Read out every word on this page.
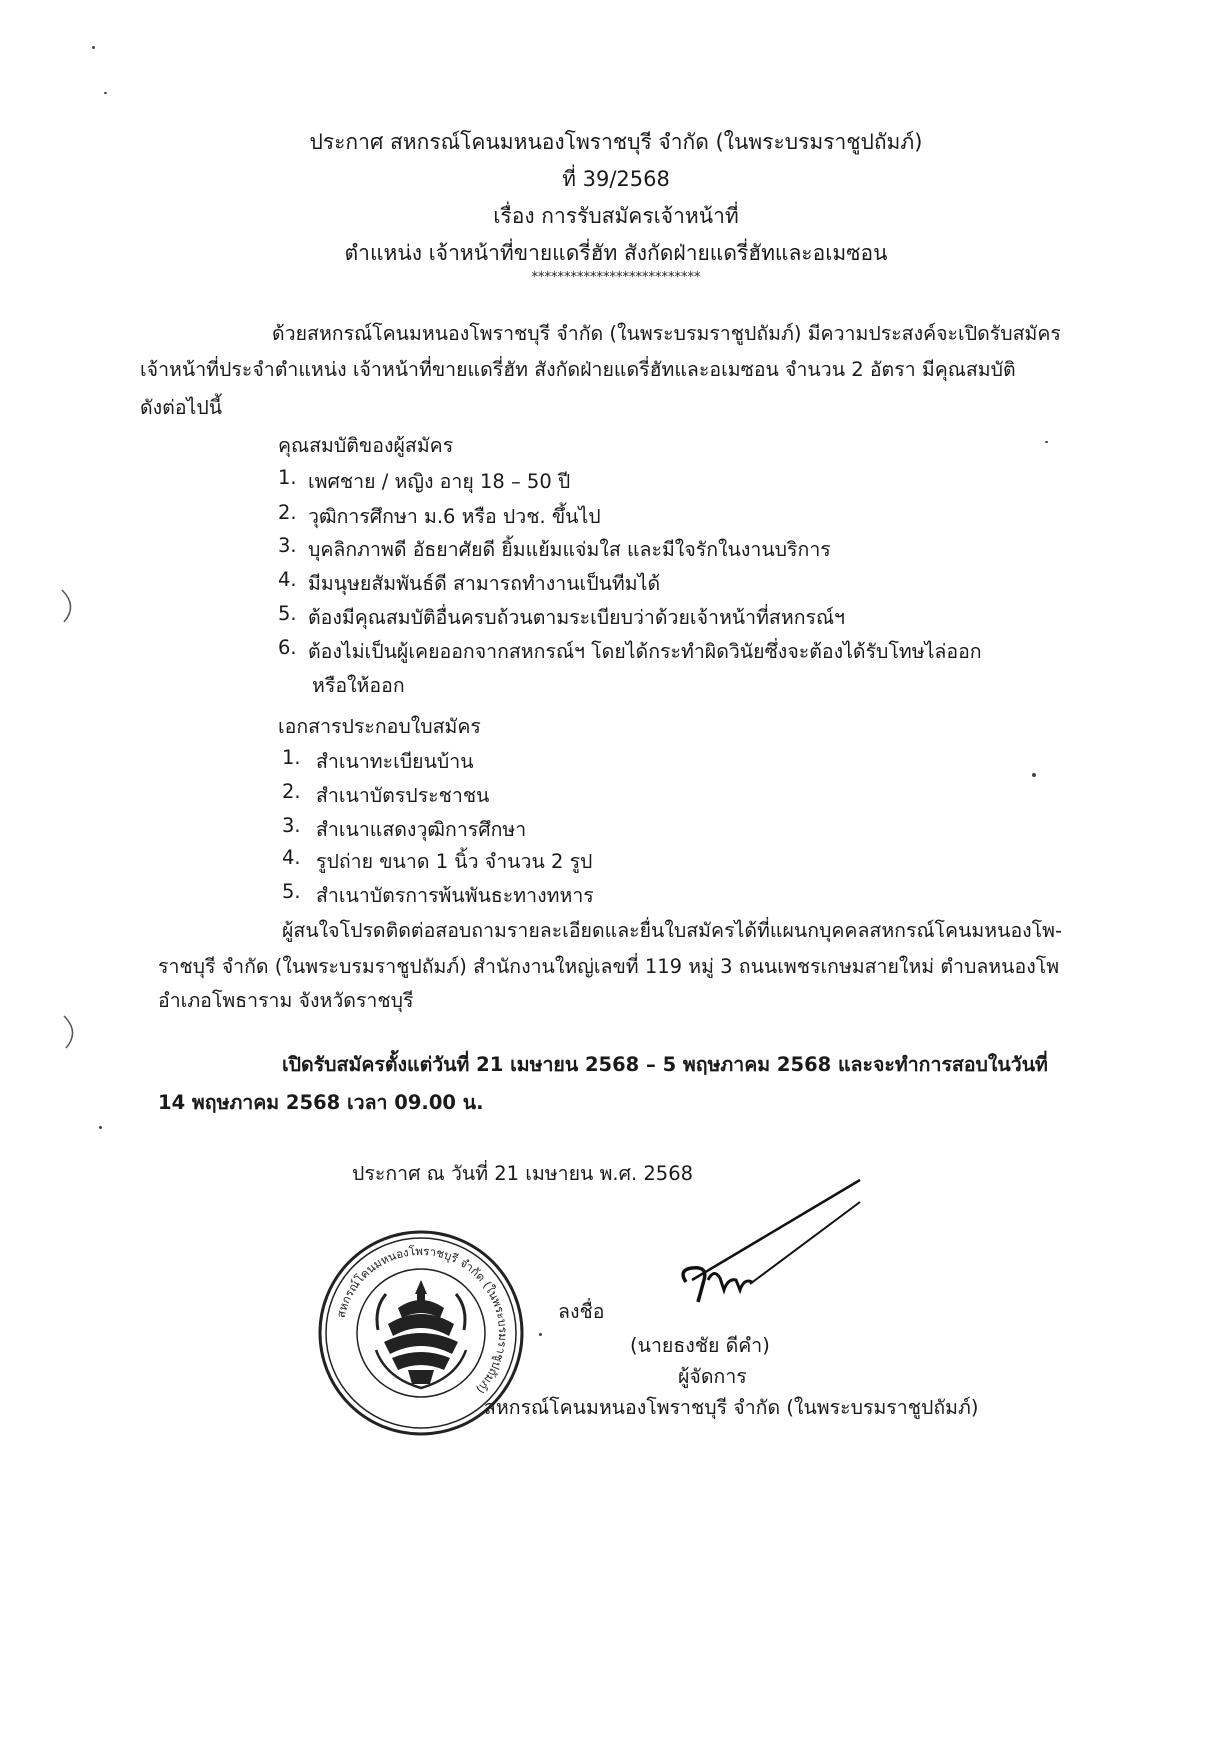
ประกาศ สหกรณ์โคนมหนองโพราชบุรี จำกัด (ในพระบรมราชูปถัมภ์)
ที่ 39/2568
เรื่อง การรับสมัครเจ้าหน้าที่
ตำแหน่ง เจ้าหน้าที่ขายแดรี่ฮัท สังกัดฝ่ายแดรี่ฮัทและอเมซอน
**************************
ด้วยสหกรณ์โคนมหนองโพราชบุรี จำกัด (ในพระบรมราชูปถัมภ์) มีความประสงค์จะเปิดรับสมัคร
เจ้าหน้าที่ประจำตำแหน่ง เจ้าหน้าที่ขายแดรี่ฮัท สังกัดฝ่ายแดรี่ฮัทและอเมซอน จำนวน 2 อัตรา มีคุณสมบัติ
ดังต่อไปนี้
คุณสมบัติของผู้สมัคร
1. เพศชาย / หญิง อายุ 18 – 50 ปี
2. วุฒิการศึกษา ม.6 หรือ ปวช. ขึ้นไป
3. บุคลิกภาพดี อัธยาศัยดี ยิ้มแย้มแจ่มใส และมีใจรักในงานบริการ
4. มีมนุษยสัมพันธ์ดี สามารถทำงานเป็นทีมได้
5. ต้องมีคุณสมบัติอื่นครบถ้วนตามระเบียบว่าด้วยเจ้าหน้าที่สหกรณ์ฯ
6. ต้องไม่เป็นผู้เคยออกจากสหกรณ์ฯ โดยได้กระทำผิดวินัยซึ่งจะต้องได้รับโทษไล่ออก
หรือให้ออก
เอกสารประกอบใบสมัคร
1. สำเนาทะเบียนบ้าน
2. สำเนาบัตรประชาชน
3. สำเนาแสดงวุฒิการศึกษา
4. รูปถ่าย ขนาด 1 นิ้ว จำนวน 2 รูป
5. สำเนาบัตรการพ้นพันธะทางทหาร
ผู้สนใจโปรดติดต่อสอบถามรายละเอียดและยื่นใบสมัครได้ที่แผนกบุคคลสหกรณ์โคนมหนองโพ-
ราชบุรี จำกัด (ในพระบรมราชูปถัมภ์) สำนักงานใหญ่เลขที่ 119 หมู่ 3 ถนนเพชรเกษมสายใหม่ ตำบลหนองโพ
อำเภอโพธาราม จังหวัดราชบุรี
เปิดรับสมัครตั้งแต่วันที่ 21 เมษายน 2568 – 5 พฤษภาคม 2568 และจะทำการสอบในวันที่
14 พฤษภาคม 2568 เวลา 09.00 น.
ประกาศ ณ วันที่ 21 เมษายน พ.ศ. 2568
สหกรณ์โคนมหนองโพราชบุรี จำกัด (ในพระบรมราชูปถัมภ์)
ลงชื่อ
(นายธงชัย ดีคำ)
ผู้จัดการ
สหกรณ์โคนมหนองโพราชบุรี จำกัด (ในพระบรมราชูปถัมภ์)
